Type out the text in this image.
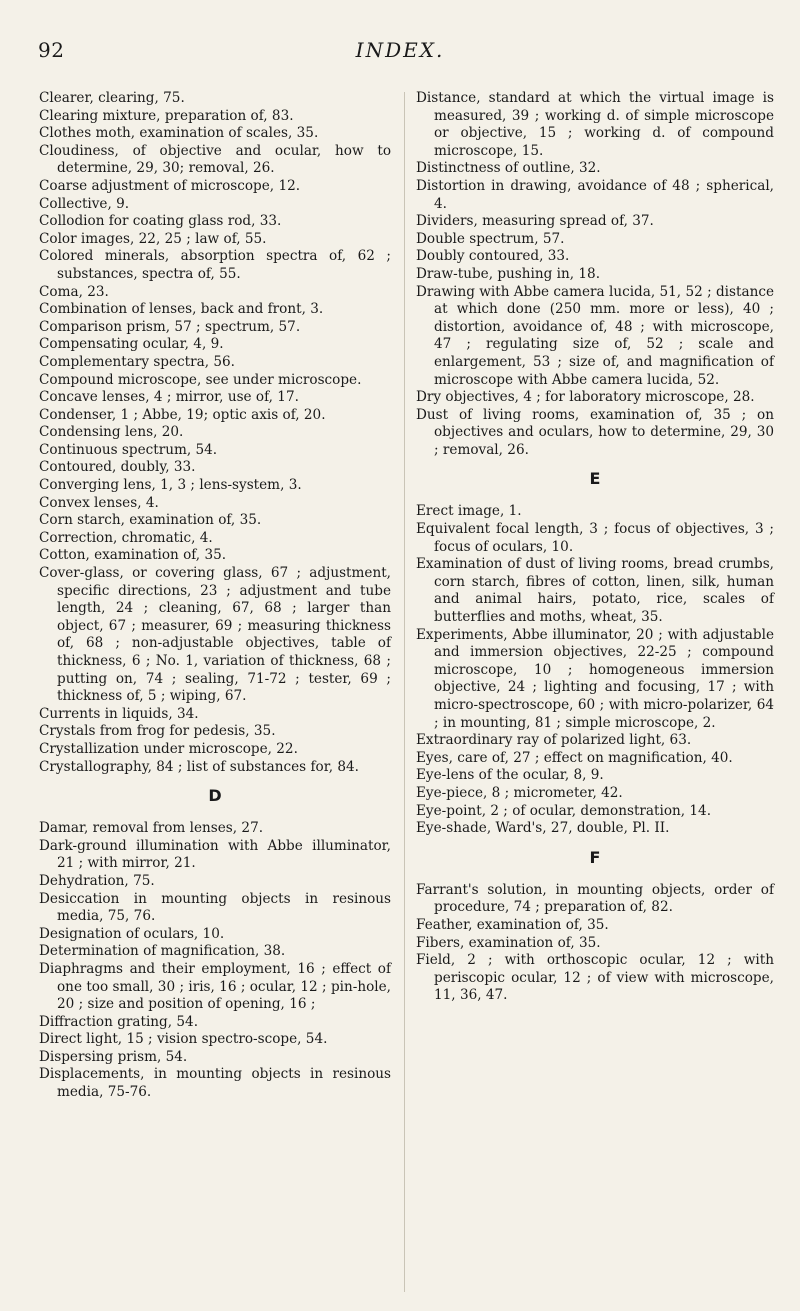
92	INDEX.
Clearer, clearing, 75.
Clearing mixture, preparation of, 83.
Clothes moth, examination of scales, 35.
Cloudiness, of objective and ocular, how to determine, 29, 30; removal, 26.
Coarse adjustment of microscope, 12.
Collective, 9.
Collodion for coating glass rod, 33.
Color images, 22, 25 ; law of, 55.
Colored minerals, absorption spectra of, 62 ; substances, spectra of, 55.
Coma, 23.
Combination of lenses, back and front, 3.
Comparison prism, 57 ; spectrum, 57.
Compensating ocular, 4, 9.
Complementary spectra, 56.
Compound microscope, see under microscope.
Concave lenses, 4 ; mirror, use of, 17.
Condenser, 1 ; Abbe, 19; optic axis of, 20.
Condensing lens, 20.
Continuous spectrum, 54.
Contoured, doubly, 33.
Converging lens, 1, 3 ; lens-system, 3.
Convex lenses, 4.
Corn starch, examination of, 35.
Correction, chromatic, 4.
Cotton, examination of, 35.
Cover-glass, or covering glass, 67 ; adjustment, specific directions, 23 ; adjustment and tube length, 24 ; cleaning, 67, 68 ; larger than object, 67 ; measurer, 69 ; measuring thickness of, 68 ; non-adjustable objectives, table of thickness, 6 ; No. 1, variation of thickness, 68 ; putting on, 74 ; sealing, 71-72 ; tester, 69 ; thickness of, 5 ; wiping, 67.
Currents in liquids, 34.
Crystals from frog for pedesis, 35.
Crystallization under microscope, 22.
Crystallography, 84 ; list of substances for, 84.
D
Damar, removal from lenses, 27.
Dark-ground illumination with Abbe illuminator, 21 ; with mirror, 21.
Dehydration, 75.
Desiccation in mounting objects in resinous media, 75, 76.
Designation of oculars, 10.
Determination of magnification, 38.
Diaphragms and their employment, 16 ; effect of one too small, 30 ; iris, 16 ; ocular, 12 ; pin-hole, 20 ; size and position of opening, 16 ;
Diffraction grating, 54.
Direct light, 15 ; vision spectro-scope, 54.
Dispersing prism, 54.
Displacements, in mounting objects in resinous media, 75-76.
Distance, standard at which the virtual image is measured, 39 ; working d. of simple microscope or objective, 15 ; working d. of compound microscope, 15.
Distinctness of outline, 32.
Distortion in drawing, avoidance of 48 ; spherical, 4.
Dividers, measuring spread of, 37.
Double spectrum, 57.
Doubly contoured, 33.
Draw-tube, pushing in, 18.
Drawing with Abbe camera lucida, 51, 52 ; distance at which done (250 mm. more or less), 40 ; distortion, avoidance of, 48 ; with microscope, 47 ; regulating size of, 52 ; scale and enlargement, 53 ; size of, and magnification of microscope with Abbe camera lucida, 52.
Dry objectives, 4 ; for laboratory microscope, 28.
Dust of living rooms, examination of, 35 ; on objectives and oculars, how to determine, 29, 30 ; removal, 26.
E
Erect image, 1.
Equivalent focal length, 3 ; focus of objectives, 3 ; focus of oculars, 10.
Examination of dust of living rooms, bread crumbs, corn starch, fibres of cotton, linen, silk, human and animal hairs, potato, rice, scales of butterflies and moths, wheat, 35.
Experiments, Abbe illuminator, 20 ; with adjustable and immersion objectives, 22-25 ; compound microscope, 10 ; homogeneous immersion objective, 24 ; lighting and focusing, 17 ; with micro-spectroscope, 60 ; with micro-polarizer, 64 ; in mounting, 81 ; simple microscope, 2.
Extraordinary ray of polarized light, 63.
Eyes, care of, 27 ; effect on magnification, 40.
Eye-lens of the ocular, 8, 9.
Eye-piece, 8 ; micrometer, 42.
Eye-point, 2 ; of ocular, demonstration, 14.
Eye-shade, Ward's, 27, double, Pl. II.
F
Farrant's solution, in mounting objects, order of procedure, 74 ; preparation of, 82.
Feather, examination of, 35.
Fibers, examination of, 35.
Field, 2 ; with orthoscopic ocular, 12 ; with periscopic ocular, 12 ; of view with microscope, 11, 36, 47.
